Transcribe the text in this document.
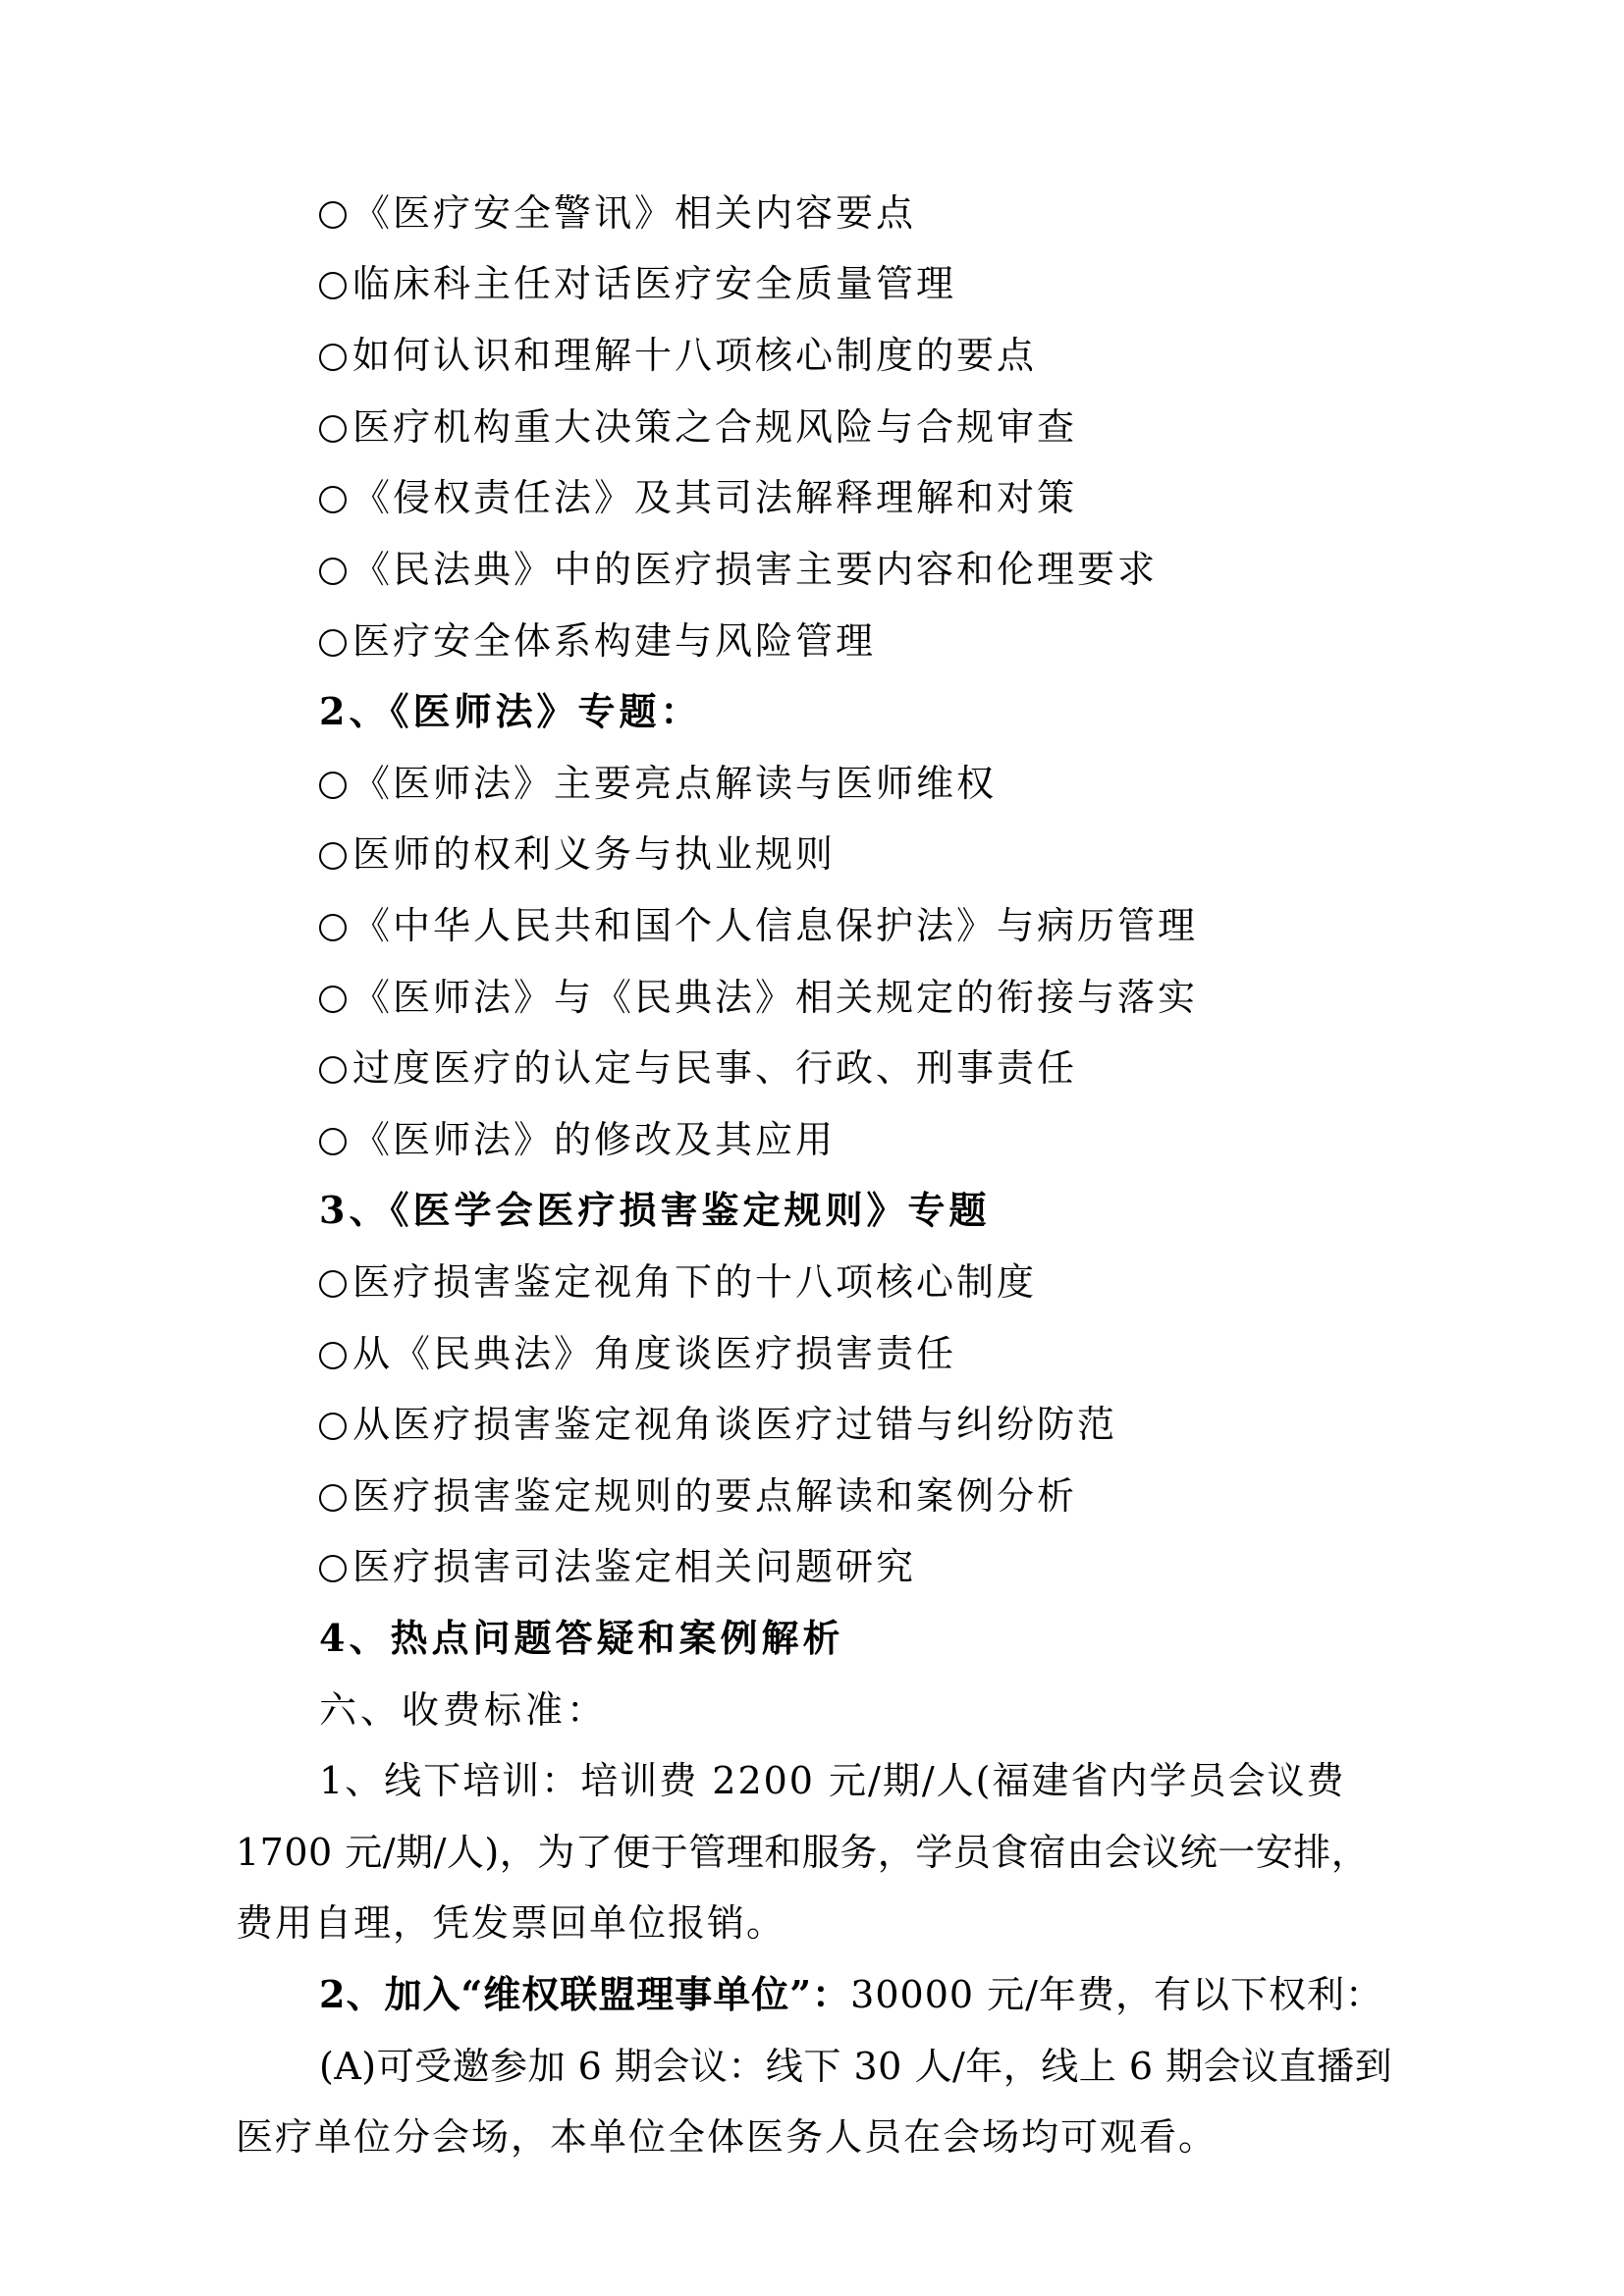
《医疗安全警讯》相关内容要点
临床科主任对话医疗安全质量管理
如何认识和理解十八项核心制度的要点
医疗机构重大决策之合规风险与合规审查
《侵权责任法》及其司法解释理解和对策
《民法典》中的医疗损害主要内容和伦理要求
医疗安全体系构建与风险管理
2、《医师法》专题：
《医师法》主要亮点解读与医师维权
医师的权利义务与执业规则
《中华人民共和国个人信息保护法》与病历管理
《医师法》与《民典法》相关规定的衔接与落实
过度医疗的认定与民事、行政、刑事责任
《医师法》的修改及其应用
3、《医学会医疗损害鉴定规则》专题
医疗损害鉴定视角下的十八项核心制度
从《民典法》角度谈医疗损害责任
从医疗损害鉴定视角谈医疗过错与纠纷防范
医疗损害鉴定规则的要点解读和案例分析
医疗损害司法鉴定相关问题研究
4、热点问题答疑和案例解析
六、收费标准：
1、线下培训：培训费 2200 元/期/人(福建省内学员会议费
1700 元/期/人)，为了便于管理和服务，学员食宿由会议统一安排，
费用自理，凭发票回单位报销。
2、加入“维权联盟理事单位”：30000 元/年费，有以下权利：
(A)可受邀参加 6 期会议：线下 30 人/年，线上 6 期会议直播到
医疗单位分会场，本单位全体医务人员在会场均可观看。
